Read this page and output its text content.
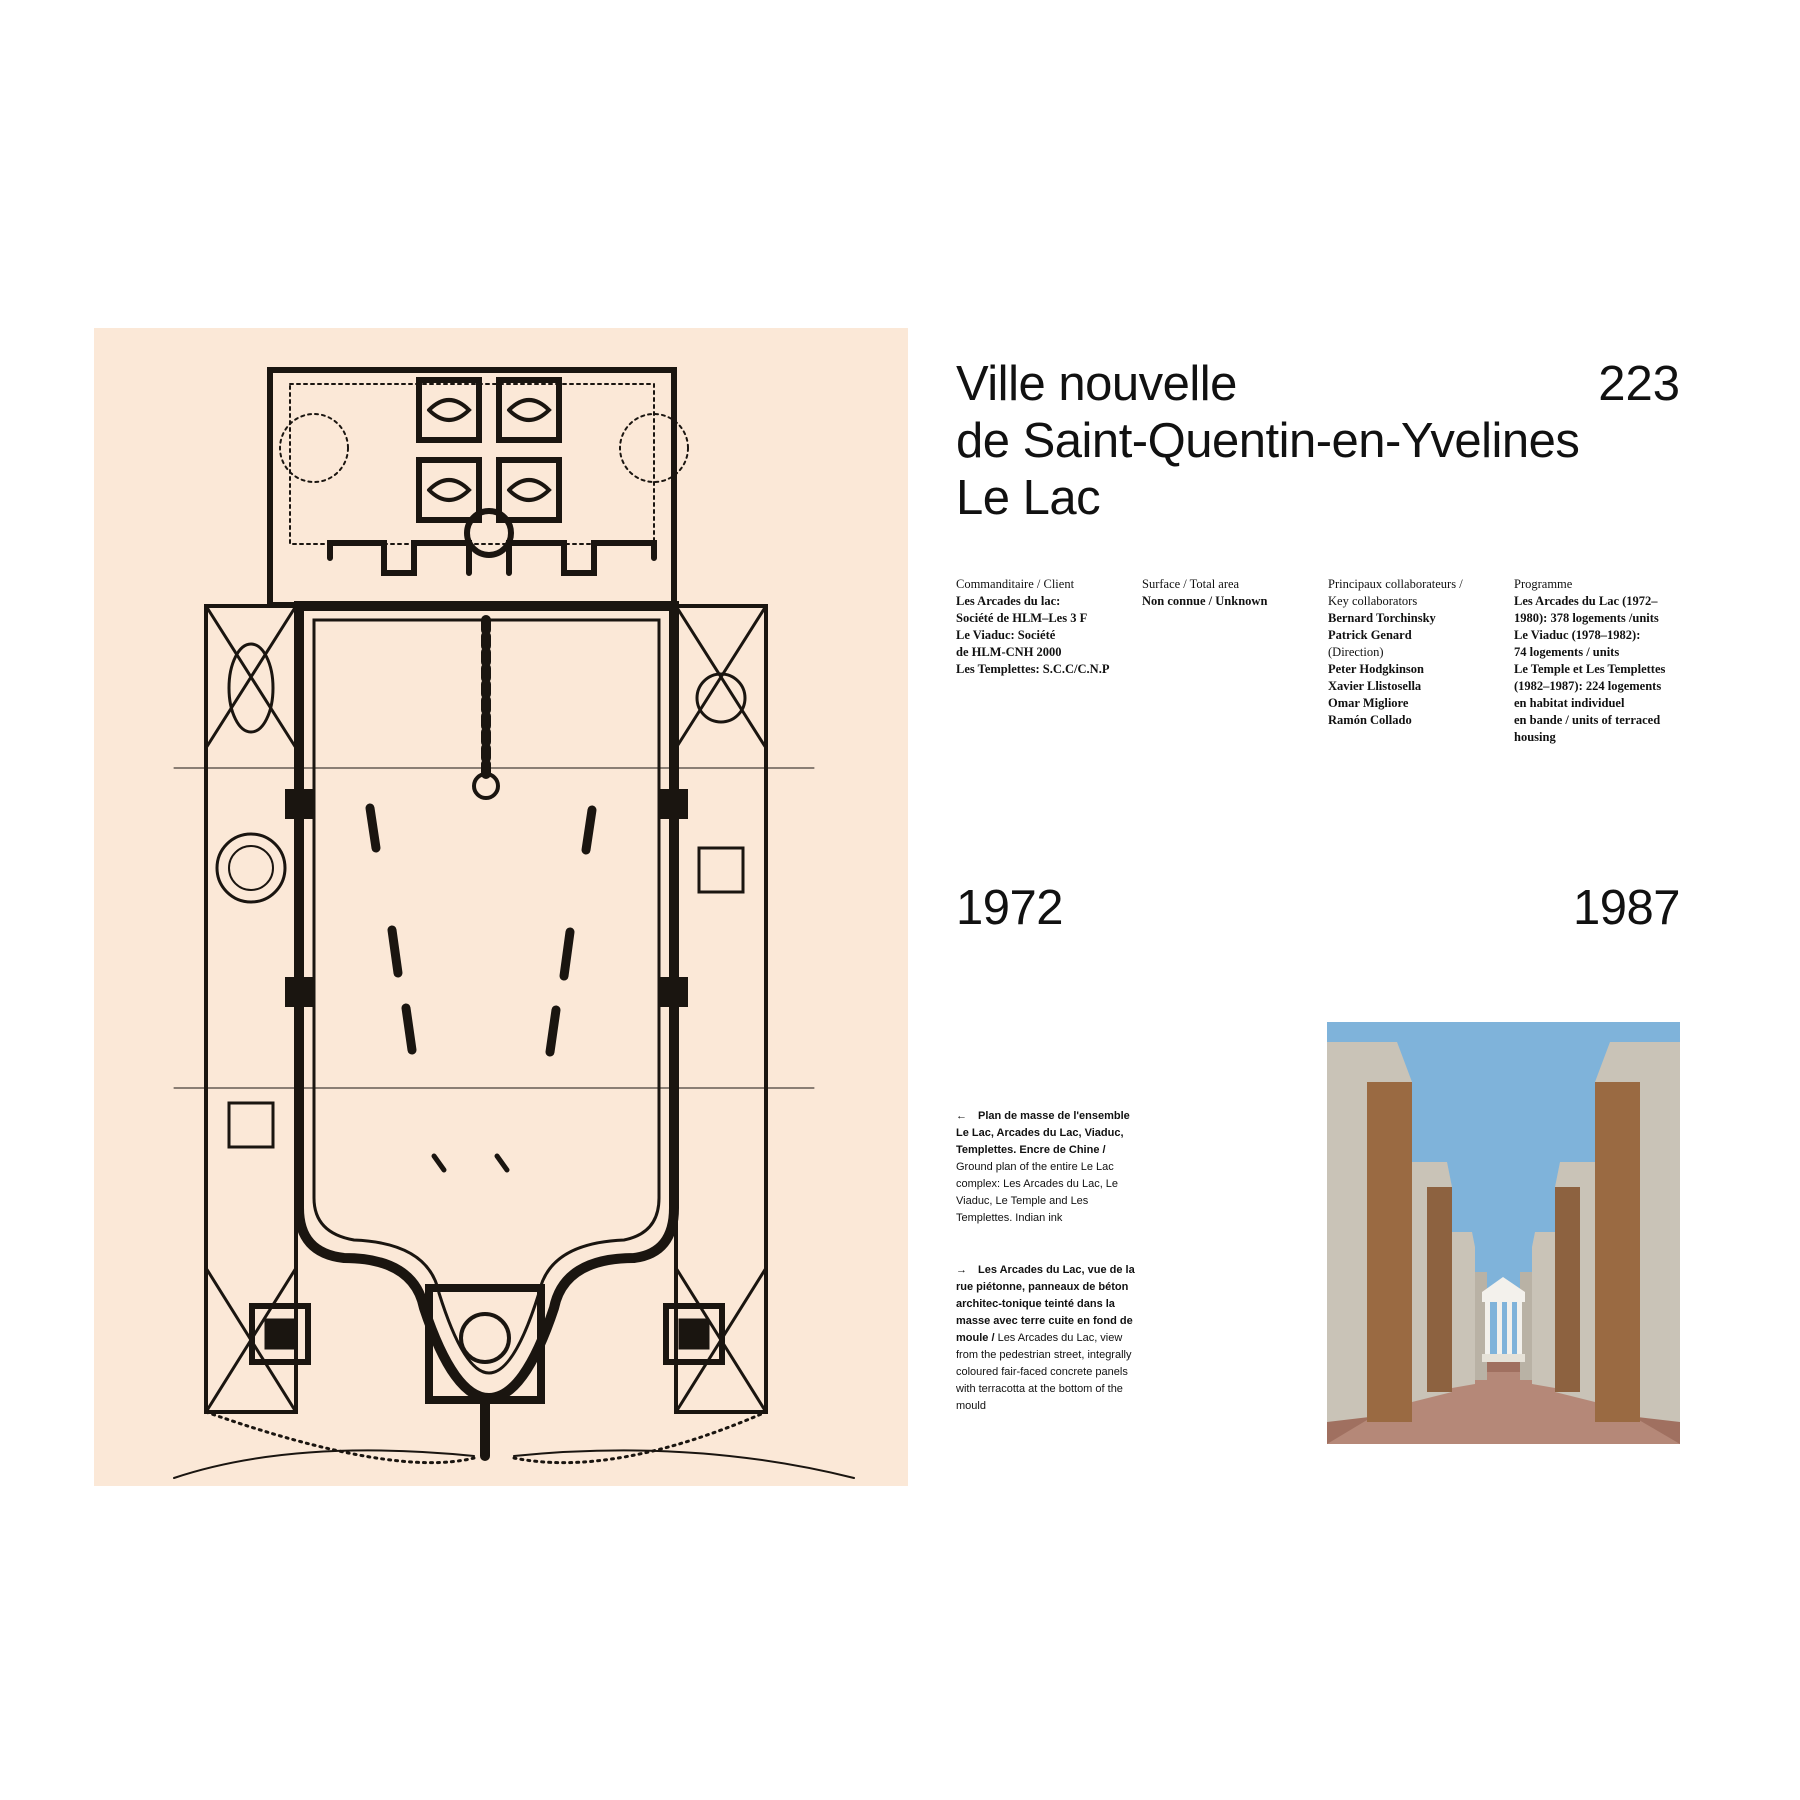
Ville nouvelle
de Saint-Quentin-en-Yvelines
Le Lac
223
Commanditaire / Client
Les Arcades du lac:
Société de HLM–Les 3 F
Le Viaduc: Société
de HLM-CNH 2000
Les Templettes: S.C.C/C.N.P
Surface / Total area
Non connue / Unknown
Principaux collaborateurs /
Key collaborators
Bernard Torchinsky
Patrick Genard
(Direction)
Peter Hodgkinson
Xavier Llistosella
Omar Migliore
Ramón Collado
Programme
Les Arcades du Lac (1972–
1980): 378 logements /units
Le Viaduc (1978–1982):
74 logements / units
Le Temple et Les Templettes
(1982–1987): 224 logements
en habitat individuel
en bande / units of terraced
housing
1972	1987
← Plan de masse de l'ensemble Le Lac, Arcades du Lac, Viaduc, Templettes. Encre de Chine / Ground plan of the entire Le Lac complex: Les Arcades du Lac, Le Viaduc, Le Temple and Les Templettes. Indian ink
→ Les Arcades du Lac, vue de la rue piétonne, panneaux de béton architec-tonique teinté dans la masse avec terre cuite en fond de moule / Les Arcades du Lac, view from the pedestrian street, integrally coloured fair-faced concrete panels with terracotta at the bottom of the mould
